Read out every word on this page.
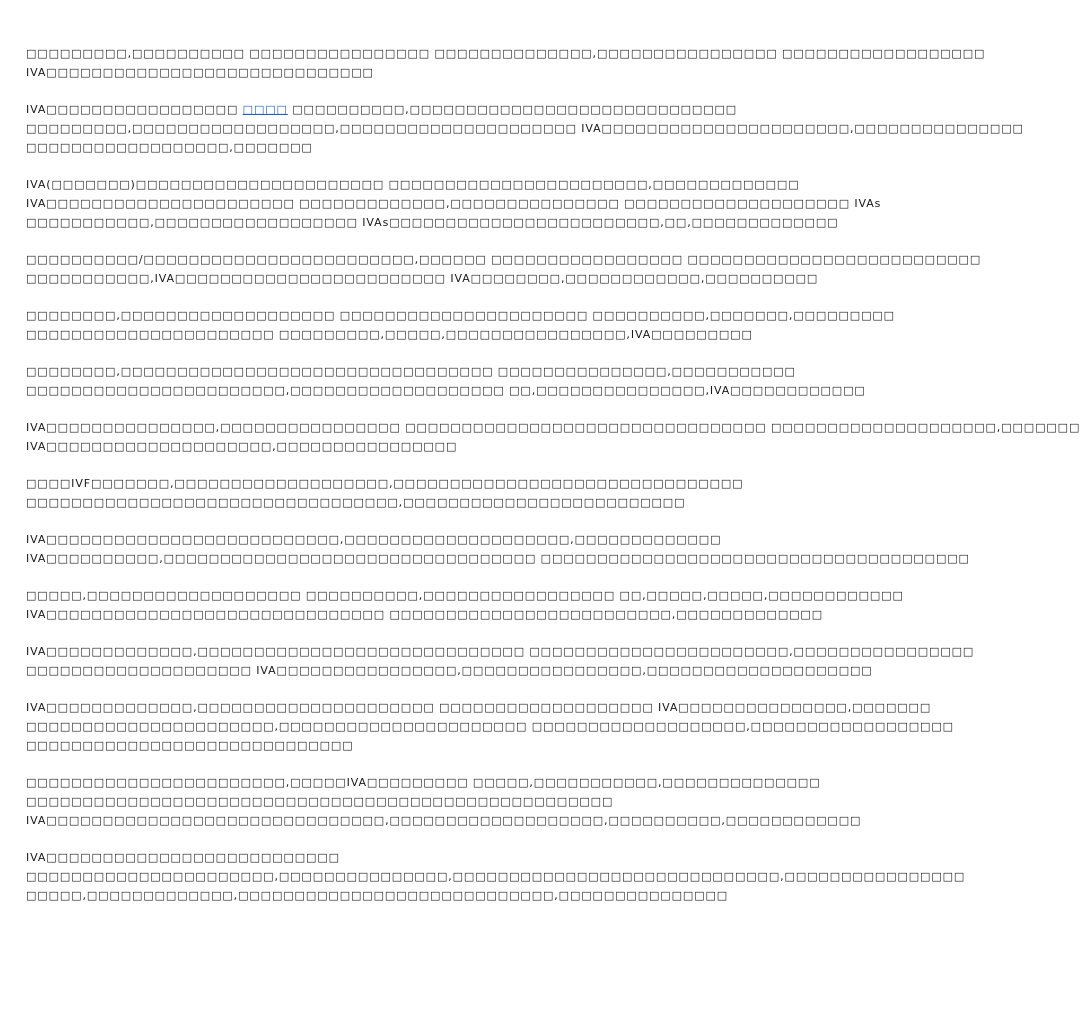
□□□□□□□□□,□□□□□□□□□□ □□□□□□□□□□□□□□□□ □□□□□□□□□□□□□□,□□□□□□□□□□□□□□□□ □□□□□□□□□□□□□□□□□□
IVA□□□□□□□□□□□□□□□□□□□□□□□□□□□□□

IVA□□□□□□□□□□□□□□□□□ □□□□ □□□□□□□□□□,□□□□□□□□□□□□□□□□□□□□□□□□□□□□□
□□□□□□□□□,□□□□□□□□□□□□□□□□□□,□□□□□□□□□□□□□□□□□□□□□ IVA□□□□□□□□□□□□□□□□□□□□□□,□□□□□□□□□□□□□□□
□□□□□□□□□□□□□□□□□□,□□□□□□□

IVA(□□□□□□□)□□□□□□□□□□□□□□□□□□□□□□ □□□□□□□□□□□□□□□□□□□□□□□,□□□□□□□□□□□□□
IVA□□□□□□□□□□□□□□□□□□□□□□ □□□□□□□□□□□□□,□□□□□□□□□□□□□□□ □□□□□□□□□□□□□□□□□□□□ IVAs
□□□□□□□□□□□,□□□□□□□□□□□□□□□□□□ IVAs□□□□□□□□□□□□□□□□□□□□□□□□,□□,□□□□□□□□□□□□□

□□□□□□□□□□/□□□□□□□□□□□□□□□□□□□□□□□□,□□□□□□ □□□□□□□□□□□□□□□□□ □□□□□□□□□□□□□□□□□□□□□□□□□□
□□□□□□□□□□□,IVA□□□□□□□□□□□□□□□□□□□□□□□□ IVA□□□□□□□□,□□□□□□□□□□□□,□□□□□□□□□□

□□□□□□□□,□□□□□□□□□□□□□□□□□□□ □□□□□□□□□□□□□□□□□□□□□□ □□□□□□□□□□,□□□□□□□,□□□□□□□□□
□□□□□□□□□□□□□□□□□□□□□□ □□□□□□□□□,□□□□□,□□□□□□□□□□□□□□□□,IVA□□□□□□□□□

□□□□□□□□,□□□□□□□□□□□□□□□□□□□□□□□□□□□□□□□□□ □□□□□□□□□□□□□□□,□□□□□□□□□□□
□□□□□□□□□□□□□□□□□□□□□□□,□□□□□□□□□□□□□□□□□□□ □□,□□□□□□□□□□□□□□□,IVA□□□□□□□□□□□□

IVA□□□□□□□□□□□□□□□,□□□□□□□□□□□□□□□□ □□□□□□□□□□□□□□□□□□□□□□□□□□□□□□□□ □□□□□□□□□□□□□□□□□□□□,□□□□□□□
IVA□□□□□□□□□□□□□□□□□□□□,□□□□□□□□□□□□□□□□

□□□□IVF□□□□□□□,□□□□□□□□□□□□□□□□□□□,□□□□□□□□□□□□□□□□□□□□□□□□□□□□□□□
□□□□□□□□□□□□□□□□□□□□□□□□□□□□□□□□□,□□□□□□□□□□□□□□□□□□□□□□□□□

IVA□□□□□□□□□□□□□□□□□□□□□□□□□□,□□□□□□□□□□□□□□□□□□□□,□□□□□□□□□□□□□
IVA□□□□□□□□□□,□□□□□□□□□□□□□□□□□□□□□□□□□□□□□□□□□ □□□□□□□□□□□□□□□□□□□□□□□□□□□□□□□□□□□□□□

□□□□□,□□□□□□□□□□□□□□□□□□□ □□□□□□□□□□,□□□□□□□□□□□□□□□□□ □□,□□□□□,□□□□□,□□□□□□□□□□□□
IVA□□□□□□□□□□□□□□□□□□□□□□□□□□□□□□ □□□□□□□□□□□□□□□□□□□□□□□□□,□□□□□□□□□□□□□

IVA□□□□□□□□□□□□□,□□□□□□□□□□□□□□□□□□□□□□□□□□□□□ □□□□□□□□□□□□□□□□□□□□□□□,□□□□□□□□□□□□□□□□
□□□□□□□□□□□□□□□□□□□□ IVA□□□□□□□□□□□□□□□□,□□□□□□□□□□□□□□□□,□□□□□□□□□□□□□□□□□□□□

IVA□□□□□□□□□□□□□,□□□□□□□□□□□□□□□□□□□□□ □□□□□□□□□□□□□□□□□□□ IVA□□□□□□□□□□□□□□□,□□□□□□□
□□□□□□□□□□□□□□□□□□□□□□,□□□□□□□□□□□□□□□□□□□□□□ □□□□□□□□□□□□□□□□□□□,□□□□□□□□□□□□□□□□□□
□□□□□□□□□□□□□□□□□□□□□□□□□□□□□

□□□□□□□□□□□□□□□□□□□□□□□,□□□□□IVA□□□□□□□□□ □□□□□,□□□□□□□□□□□,□□□□□□□□□□□□□□
□□□□□□□□□□□□□□□□□□□□□□□□□□□□□□□□□□□□□□□□□□□□□□□□□□□□
IVA□□□□□□□□□□□□□□□□□□□□□□□□□□□□□□,□□□□□□□□□□□□□□□□□□□,□□□□□□□□□□,□□□□□□□□□□□□

IVA□□□□□□□□□□□□□□□□□□□□□□□□□□
□□□□□□□□□□□□□□□□□□□□□□,□□□□□□□□□□□□□□□,□□□□□□□□□□□□□□□□□□□□□□□□□□□□□,□□□□□□□□□□□□□□□□
□□□□□,□□□□□□□□□□□□□,□□□□□□□□□□□□□□□□□□□□□□□□□□□□,□□□□□□□□□□□□□□□
